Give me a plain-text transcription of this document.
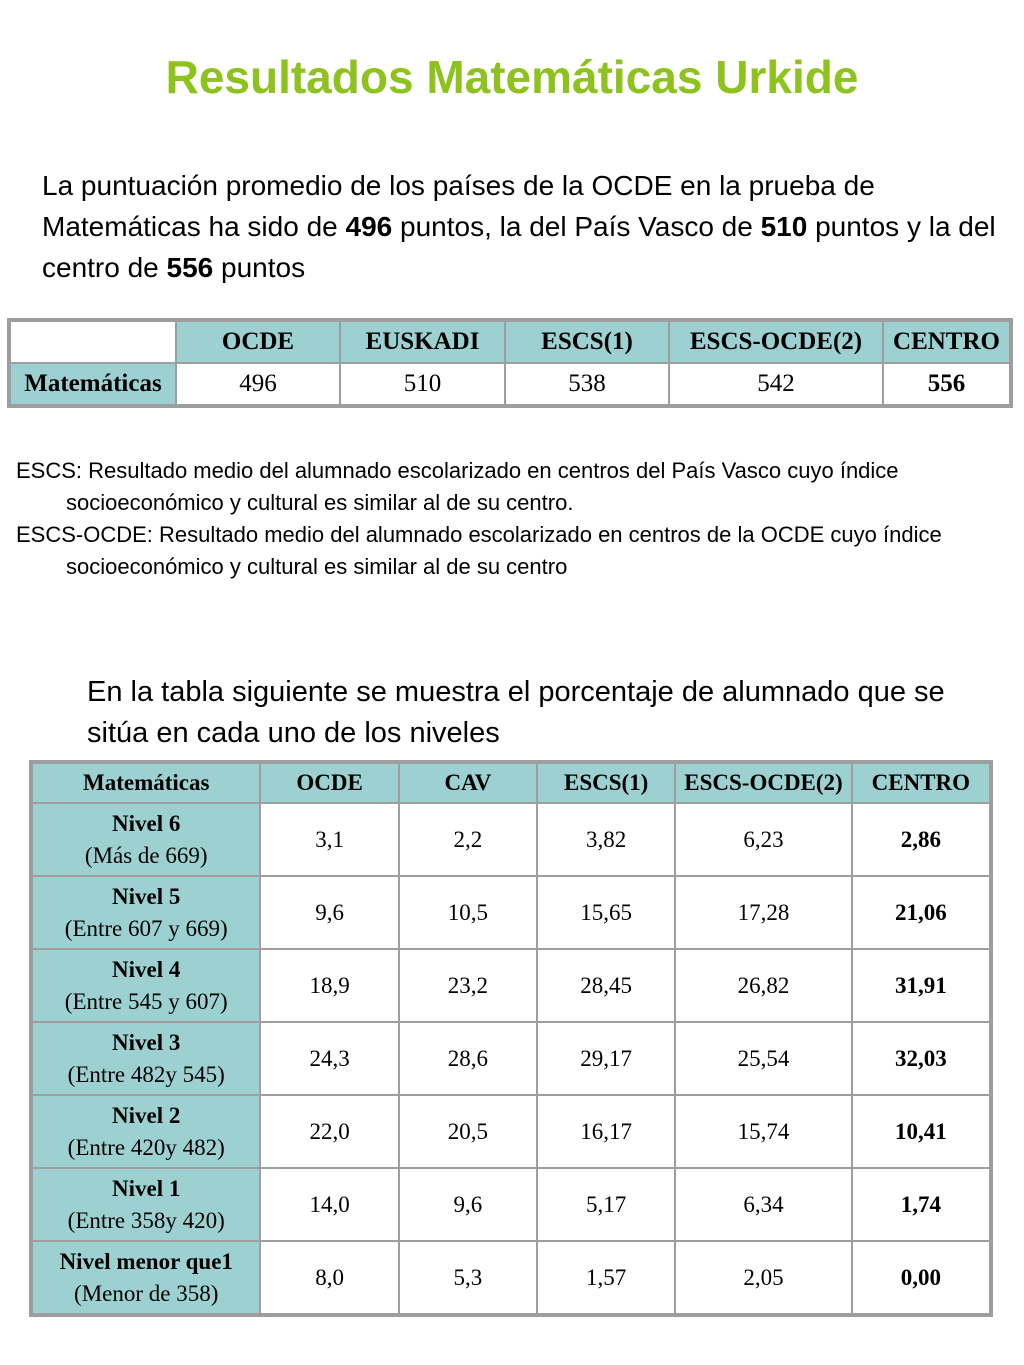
Resultados Matemáticas Urkide

La puntuación promedio de los países de la OCDE en la prueba de Matemáticas ha sido de 496 puntos, la del País Vasco de 510 puntos y la del centro de 556 puntos

	OCDE	EUSKADI	ESCS(1)	ESCS-OCDE(2)	CENTRO
Matemáticas	496	510	538	542	556

ESCS: Resultado medio del alumnado escolarizado en centros del País Vasco cuyo índice socioeconómico y cultural es similar al de su centro.

ESCS-OCDE: Resultado medio del alumnado escolarizado en centros de la OCDE cuyo índice socioeconómico y cultural es similar al de su centro

En la tabla siguiente se muestra el porcentaje de alumnado que se sitúa en cada uno de los niveles

Matemáticas	OCDE	CAV	ESCS(1)	ESCS-OCDE(2)	CENTRO

Nivel 6
(Más de 669)	3,1	2,2	3,82	6,23	2,86

Nivel 5
(Entre 607 y 669)	9,6	10,5	15,65	17,28	21,06

Nivel 4
(Entre 545 y 607)	18,9	23,2	28,45	26,82	31,91

Nivel 3
(Entre 482y 545)	24,3	28,6	29,17	25,54	32,03

Nivel 2
(Entre 420y 482)	22,0	20,5	16,17	15,74	10,41

Nivel 1
(Entre 358y 420)	14,0	9,6	5,17	6,34	1,74

Nivel menor que1
(Menor de 358)	8,0	5,3	1,57	2,05	0,00
